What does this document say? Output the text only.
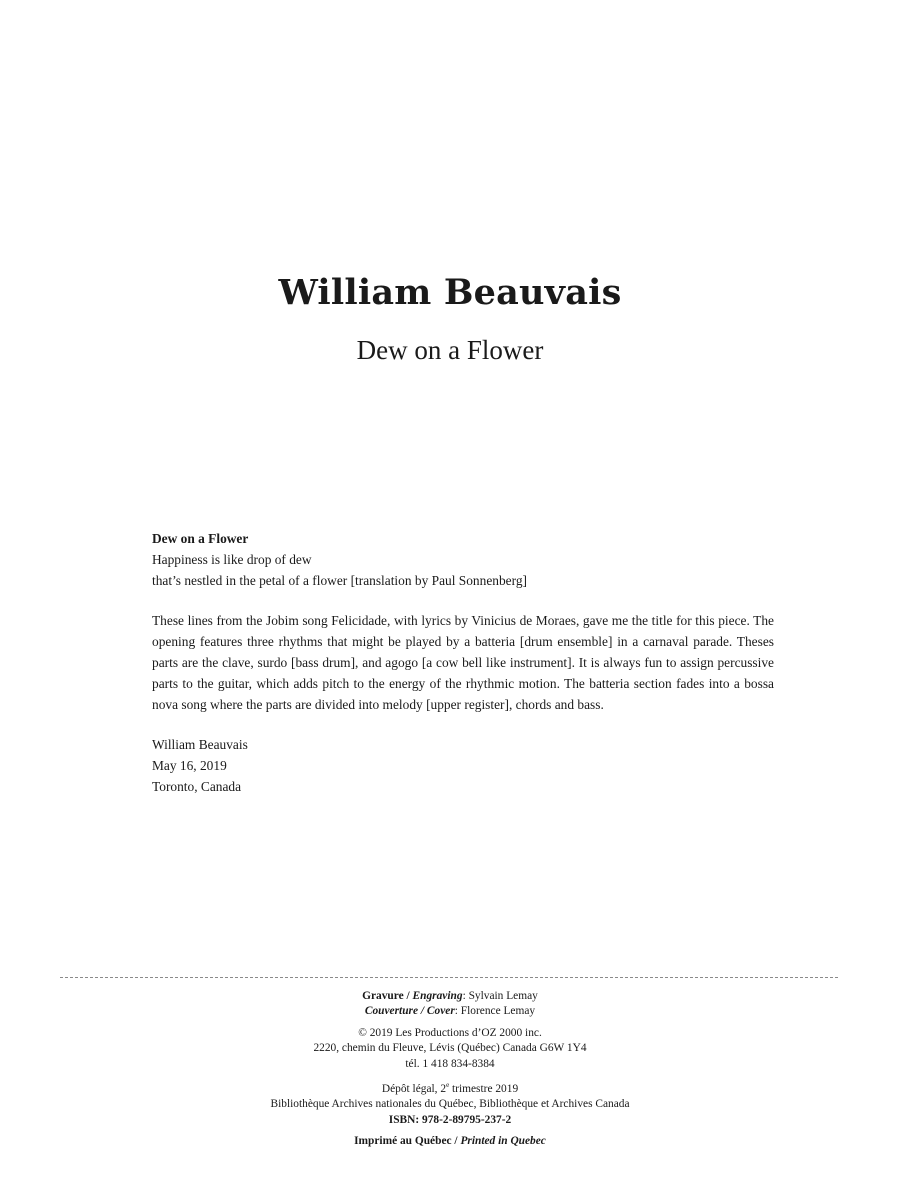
William Beauvais
Dew on a Flower

Dew on a Flower

Happiness is like drop of dew
that’s nestled in the petal of a flower [translation by Paul Sonnenberg]

These lines from the Jobim song Felicidade, with lyrics by Vinicius de Moraes, gave me the title for this piece. The opening features three rhythms that might be played by a batteria [drum ensemble] in a carnaval parade. Theses parts are the clave, surdo [bass drum], and agogo [a cow bell like instrument]. It is always fun to assign percussive parts to the guitar, which adds pitch to the energy of the rhythmic motion. The batteria section fades into a bossa nova song where the parts are divided into melody [upper register], chords and bass.

William Beauvais
May 16, 2019
Toronto, Canada

Gravure / Engraving: Sylvain Lemay
Couverture / Cover: Florence Lemay
© 2019 Les Productions d’OZ 2000 inc.
2220, chemin du Fleuve, Lévis (Québec) Canada G6W 1Y4
tél. 1 418 834-8384
Dépôt légal, 2e trimestre 2019
Bibliothèque Archives nationales du Québec, Bibliothèque et Archives Canada
ISBN: 978-2-89795-237-2
Imprimé au Québec / Printed in Quebec
